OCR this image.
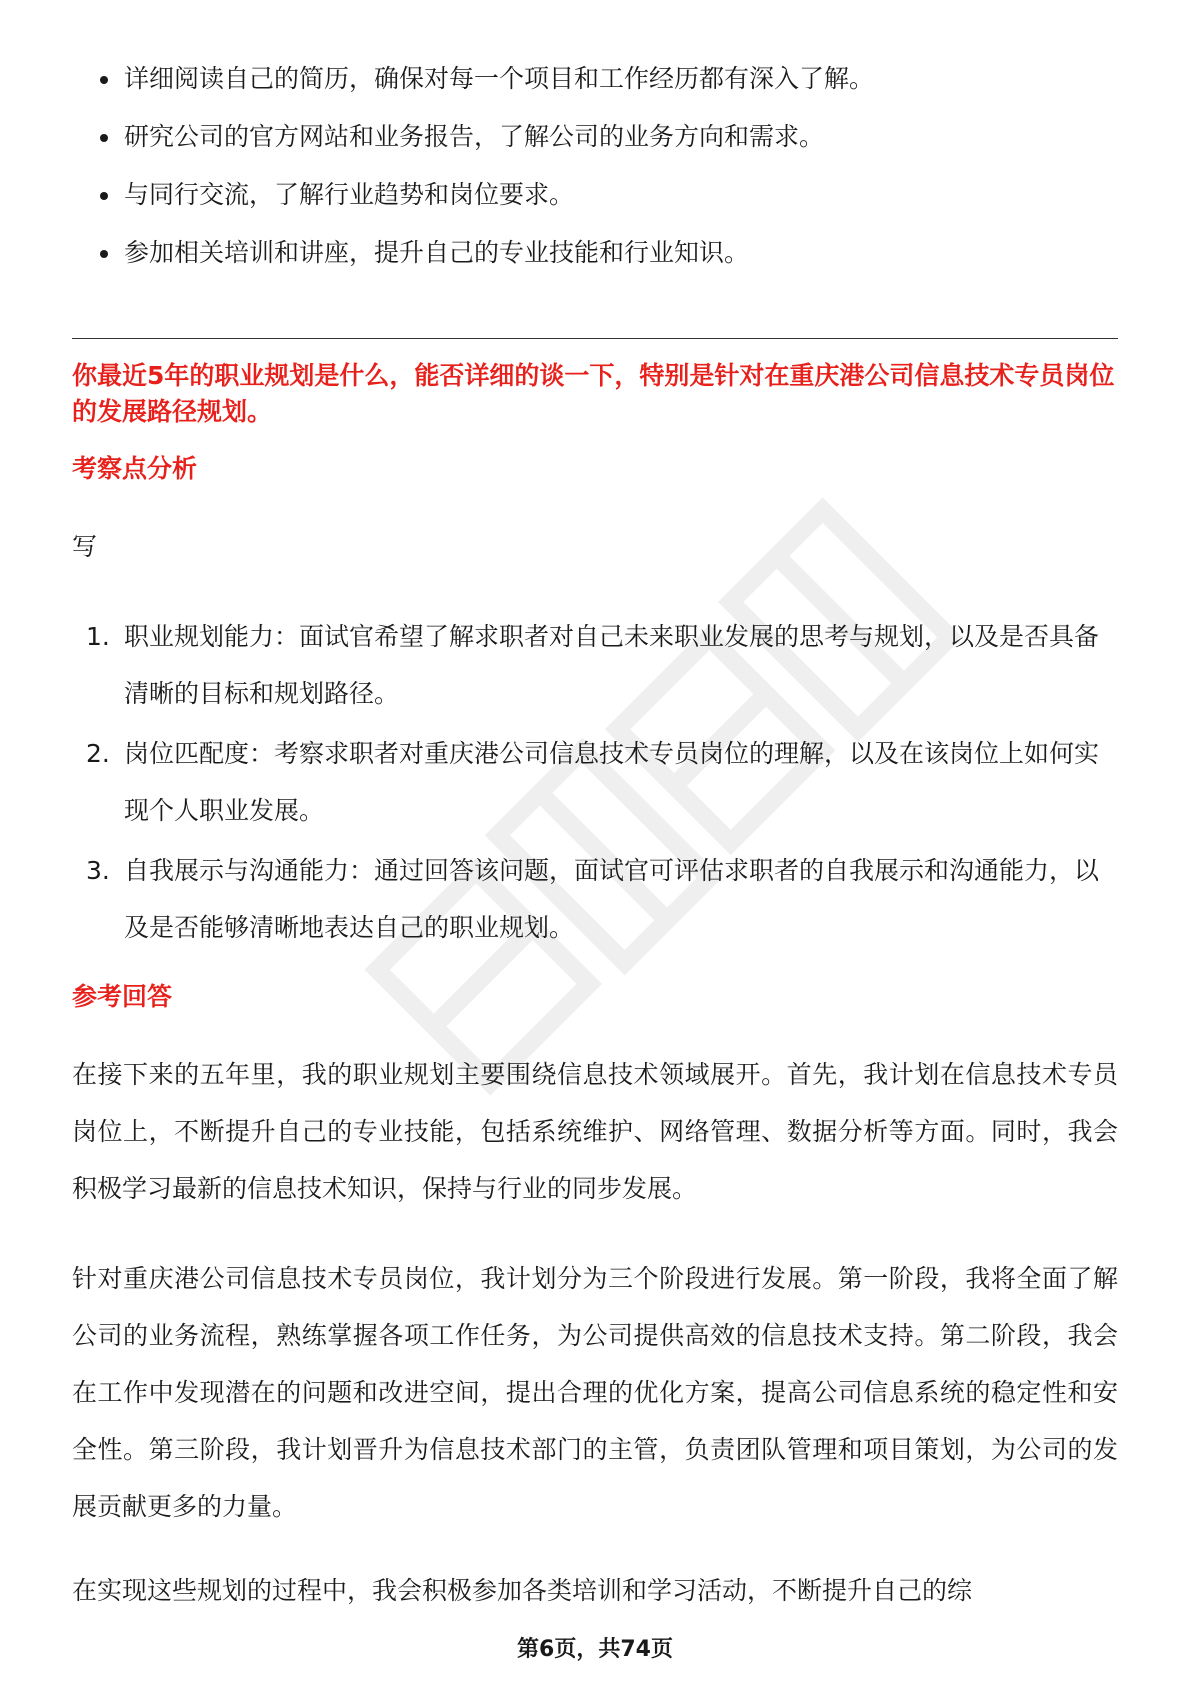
详细阅读自己的简历，确保对每一个项目和工作经历都有深入了解。
研究公司的官方网站和业务报告，了解公司的业务方向和需求。
与同行交流，了解行业趋势和岗位要求。
参加相关培训和讲座，提升自己的专业技能和行业知识。
你最近5年的职业规划是什么，能否详细的谈一下，特别是针对在重庆港公司信息技术专员岗位的发展路径规划。
考察点分析
写
1. 职业规划能力：面试官希望了解求职者对自己未来职业发展的思考与规划，以及是否具备清晰的目标和规划路径。
2. 岗位匹配度：考察求职者对重庆港公司信息技术专员岗位的理解，以及在该岗位上如何实现个人职业发展。
3. 自我展示与沟通能力：通过回答该问题，面试官可评估求职者的自我展示和沟通能力，以及是否能够清晰地表达自己的职业规划。
参考回答
在接下来的五年里，我的职业规划主要围绕信息技术领域展开。首先，我计划在信息技术专员岗位上，不断提升自己的专业技能，包括系统维护、网络管理、数据分析等方面。同时，我会积极学习最新的信息技术知识，保持与行业的同步发展。
针对重庆港公司信息技术专员岗位，我计划分为三个阶段进行发展。第一阶段，我将全面了解公司的业务流程，熟练掌握各项工作任务，为公司提供高效的信息技术支持。第二阶段，我会在工作中发现潜在的问题和改进空间，提出合理的优化方案，提高公司信息系统的稳定性和安全性。第三阶段，我计划晋升为信息技术部门的主管，负责团队管理和项目策划，为公司的发展贡献更多的力量。
在实现这些规划的过程中，我会积极参加各类培训和学习活动，不断提升自己的综
第6页，共74页
